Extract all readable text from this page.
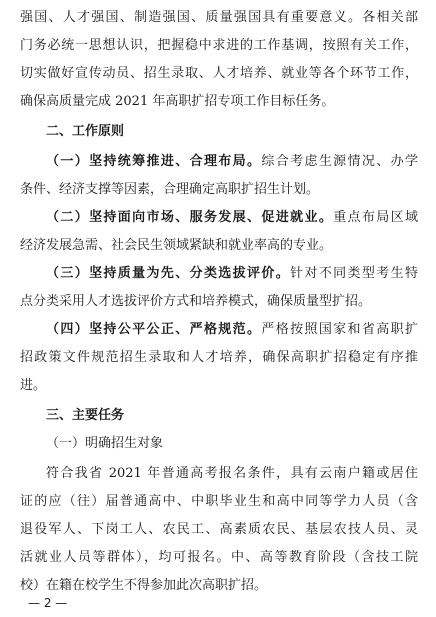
强国、人才强国、制造强国、质量强国具有重要意义。各相关部
门务必统一思想认识，把握稳中求进的工作基调，按照有关工作，
切实做好宣传动员、招生录取、人才培养、就业等各个环节工作，
确保高质量完成 2021 年高职扩招专项工作目标任务。
二、工作原则
（一）坚持统筹推进、合理布局。综合考虑生源情况、办学
条件、经济支撑等因素，合理确定高职扩招生计划。
（二）坚持面向市场、服务发展、促进就业。重点布局区域
经济发展急需、社会民生领域紧缺和就业率高的专业。
（三）坚持质量为先、分类选拔评价。针对不同类型考生特
点分类采用人才选拔评价方式和培养模式，确保质量型扩招。
（四）坚持公平公正、严格规范。严格按照国家和省高职扩
招政策文件规范招生录取和人才培养，确保高职扩招稳定有序推
进。
三、主要任务
（一）明确招生对象
符合我省 2021 年普通高考报名条件，具有云南户籍或居住
证的应（往）届普通高中、中职毕业生和高中同等学力人员（含
退役军人、下岗工人、农民工、高素质农民、基层农技人员、灵
活就业人员等群体），均可报名。中、高等教育阶段（含技工院
校）在籍在校学生不得参加此次高职扩招。
— 2 —
